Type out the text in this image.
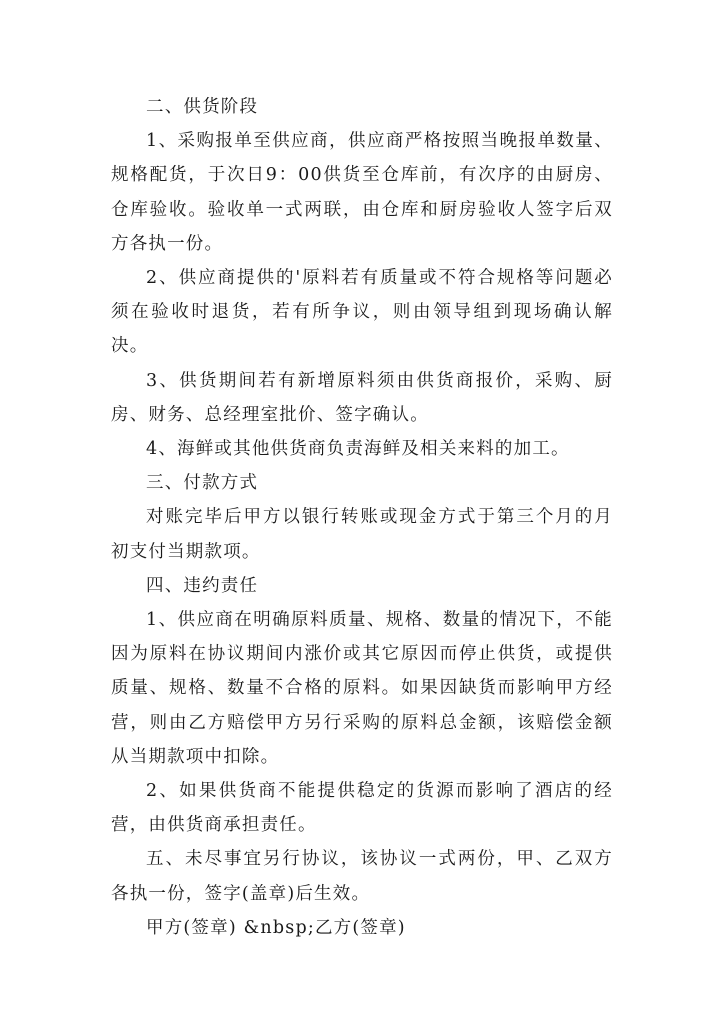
二、供货阶段

1、采购报单至供应商，供应商严格按照当晚报单数量、规格配货，于次日9：00供货至仓库前，有次序的由厨房、仓库验收。验收单一式两联，由仓库和厨房验收人签字后双方各执一份。

2、供应商提供的'原料若有质量或不符合规格等问题必须在验收时退货，若有所争议，则由领导组到现场确认解决。

3、供货期间若有新增原料须由供货商报价，采购、厨房、财务、总经理室批价、签字确认。

4、海鲜或其他供货商负责海鲜及相关来料的加工。

三、付款方式

对账完毕后甲方以银行转账或现金方式于第三个月的月初支付当期款项。

四、违约责任

1、供应商在明确原料质量、规格、数量的情况下，不能因为原料在协议期间内涨价或其它原因而停止供货，或提供质量、规格、数量不合格的原料。如果因缺货而影响甲方经营，则由乙方赔偿甲方另行采购的原料总金额，该赔偿金额从当期款项中扣除。

2、如果供货商不能提供稳定的货源而影响了酒店的经营，由供货商承担责任。

五、未尽事宜另行协议，该协议一式两份，甲、乙双方各执一份，签字(盖章)后生效。

甲方(签章) &nbsp;乙方(签章)
